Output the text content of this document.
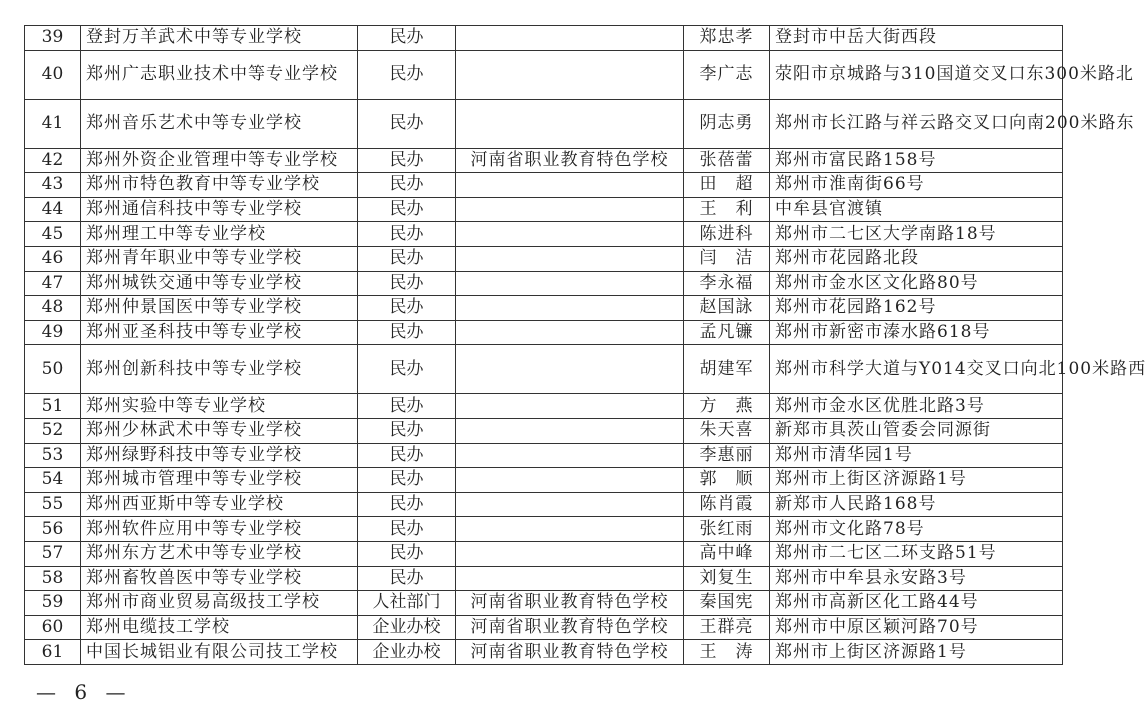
39	登封万羊武术中等专业学校	民办		郑忠孝	登封市中岳大街西段
40	郑州广志职业技术中等专业学校	民办		李广志	荥阳市京城路与310国道交叉口东300米路北
41	郑州音乐艺术中等专业学校	民办		阴志勇	郑州市长江路与祥云路交叉口向南200米路东
42	郑州外资企业管理中等专业学校	民办	河南省职业教育特色学校	张蓓蕾	郑州市富民路158号
43	郑州市特色教育中等专业学校	民办		田　超	郑州市淮南街66号
44	郑州通信科技中等专业学校	民办		王　利	中牟县官渡镇
45	郑州理工中等专业学校	民办		陈进科	郑州市二七区大学南路18号
46	郑州青年职业中等专业学校	民办		闫　洁	郑州市花园路北段
47	郑州城铁交通中等专业学校	民办		李永福	郑州市金水区文化路80号
48	郑州仲景国医中等专业学校	民办		赵国詠	郑州市花园路162号
49	郑州亚圣科技中等专业学校	民办		孟凡镰	郑州市新密市溱水路618号
50	郑州创新科技中等专业学校	民办		胡建军	郑州市科学大道与Y014交叉口向北100米路西
51	郑州实验中等专业学校	民办		方　燕	郑州市金水区优胜北路3号
52	郑州少林武术中等专业学校	民办		朱天喜	新郑市具茨山管委会同源街
53	郑州绿野科技中等专业学校	民办		李惠丽	郑州市清华园1号
54	郑州城市管理中等专业学校	民办		郭　顺	郑州市上街区济源路1号
55	郑州西亚斯中等专业学校	民办		陈肖霞	新郑市人民路168号
56	郑州软件应用中等专业学校	民办		张红雨	郑州市文化路78号
57	郑州东方艺术中等专业学校	民办		高中峰	郑州市二七区二环支路51号
58	郑州畜牧兽医中等专业学校	民办		刘复生	郑州市中牟县永安路3号
59	郑州市商业贸易高级技工学校	人社部门	河南省职业教育特色学校	秦国宪	郑州市高新区化工路44号
60	郑州电缆技工学校	企业办校	河南省职业教育特色学校	王群亮	郑州市中原区颖河路70号
61	中国长城铝业有限公司技工学校	企业办校	河南省职业教育特色学校	王　涛	郑州市上街区济源路1号
— 6 —
